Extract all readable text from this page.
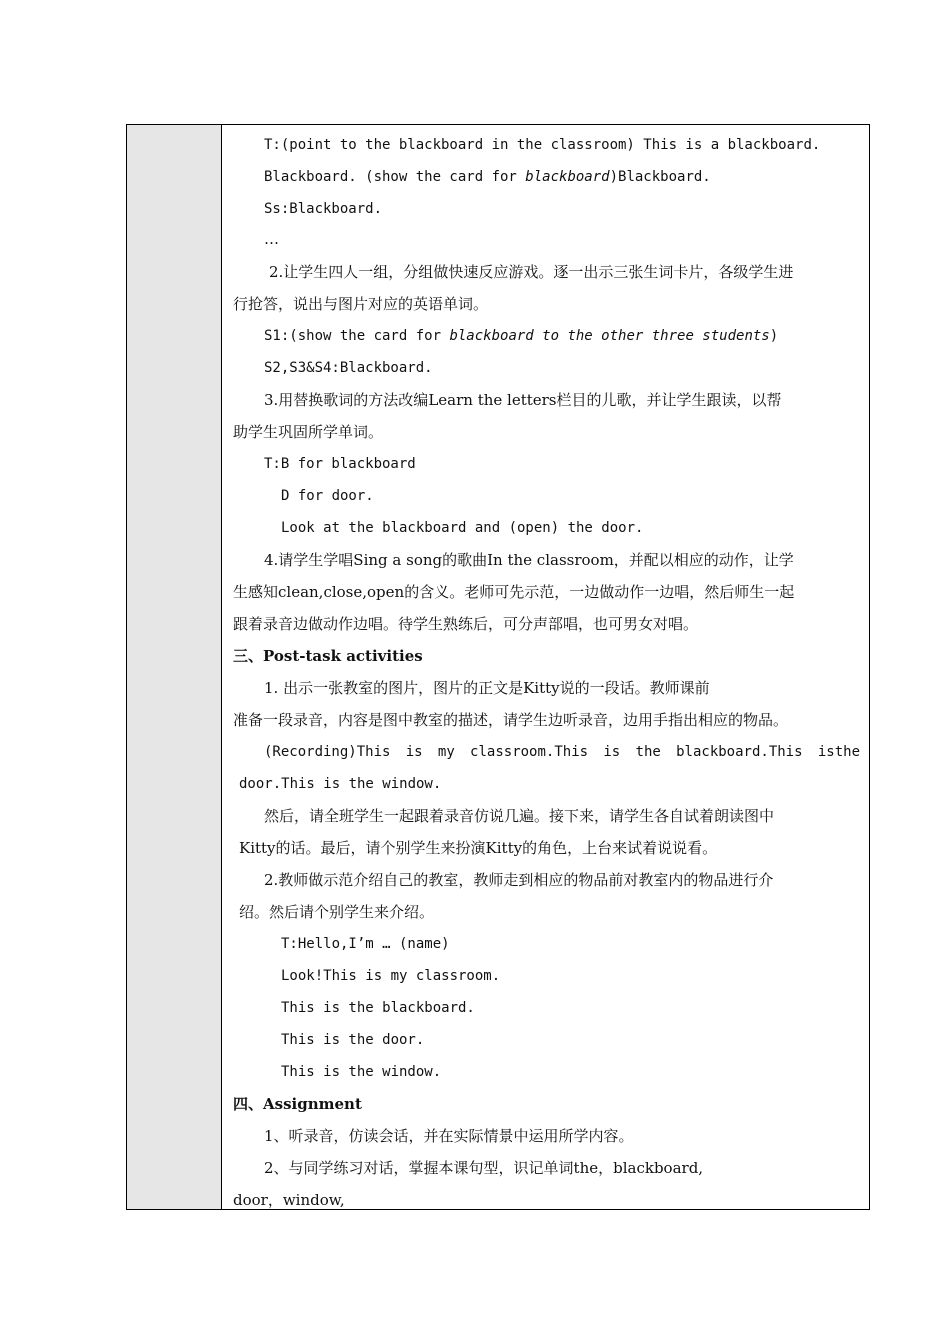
T:(point to the blackboard in the classroom) This is a blackboard.
Blackboard. (show the card for blackboard)Blackboard.
Ss:Blackboard.
…
2.让学生四人一组，分组做快速反应游戏。逐一出示三张生词卡片，各级学生进
行抢答，说出与图片对应的英语单词。
S1:(show the card for blackboard to the other three students)
S2,S3&S4:Blackboard.
3.用替换歌词的方法改编Learn the letters栏目的儿歌，并让学生跟读，以帮
助学生巩固所学单词。
T:B for blackboard
D for door.
Look at the blackboard and (open) the door.
4.请学生学唱Sing a song的歌曲In the classroom，并配以相应的动作，让学
生感知clean,close,open的含义。老师可先示范，一边做动作一边唱，然后师生一起
跟着录音边做动作边唱。待学生熟练后，可分声部唱，也可男女对唱。
三、Post-task activities
1. 出示一张教室的图片，图片的正文是Kitty说的一段话。教师课前
准备一段录音，内容是图中教室的描述，请学生边听录音，边用手指出相应的物品。
(Recording)This is my classroom.This is the blackboard.This isthe
door.This is the window.
然后，请全班学生一起跟着录音仿说几遍。接下来，请学生各自试着朗读图中
Kitty的话。最后，请个别学生来扮演Kitty的角色，上台来试着说说看。
2.教师做示范介绍自己的教室，教师走到相应的物品前对教室内的物品进行介
绍。然后请个别学生来介绍。
T:Hello,I’m … (name)
Look!This is my classroom.
This is the blackboard.
This is the door.
This is the window.
四、Assignment
1、听录音，仿读会话，并在实际情景中运用所学内容。
2、与同学练习对话，掌握本课句型，识记单词the，blackboard,
door，window,
